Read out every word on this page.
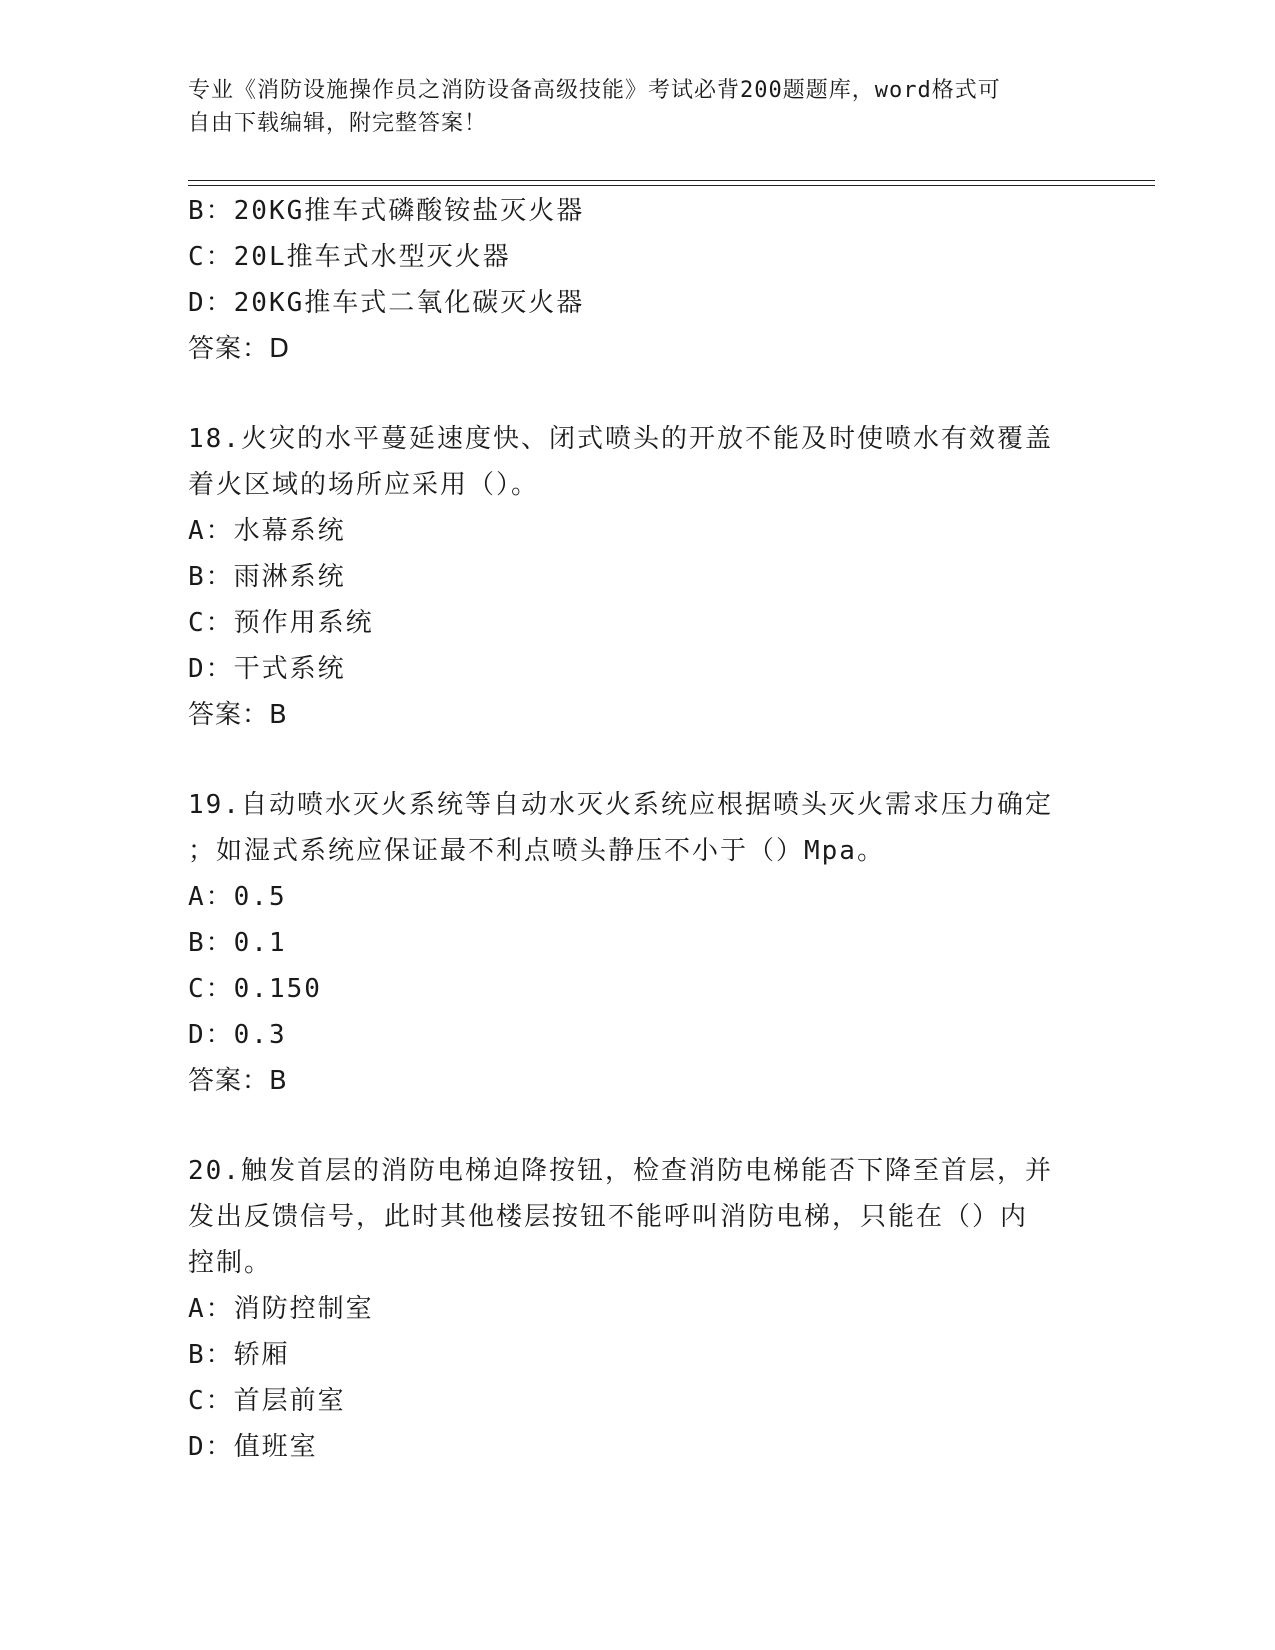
专业《消防设施操作员之消防设备高级技能》考试必背200题题库，word格式可
自由下载编辑，附完整答案！
B：20KG推车式磷酸铵盐灭火器
C：20L推车式水型灭火器
D：20KG推车式二氧化碳灭火器
答案：D
18.火灾的水平蔓延速度快、闭式喷头的开放不能及时使喷水有效覆盖
着火区域的场所应采用（）。
A：水幕系统
B：雨淋系统
C：预作用系统
D：干式系统
答案：B
19.自动喷水灭火系统等自动水灭火系统应根据喷头灭火需求压力确定
；如湿式系统应保证最不利点喷头静压不小于（）Mpa。
A：0.5
B：0.1
C：0.150
D：0.3
答案：B
20.触发首层的消防电梯迫降按钮，检查消防电梯能否下降至首层，并
发出反馈信号，此时其他楼层按钮不能呼叫消防电梯，只能在（）内
控制。
A：消防控制室
B：轿厢
C：首层前室
D：值班室
